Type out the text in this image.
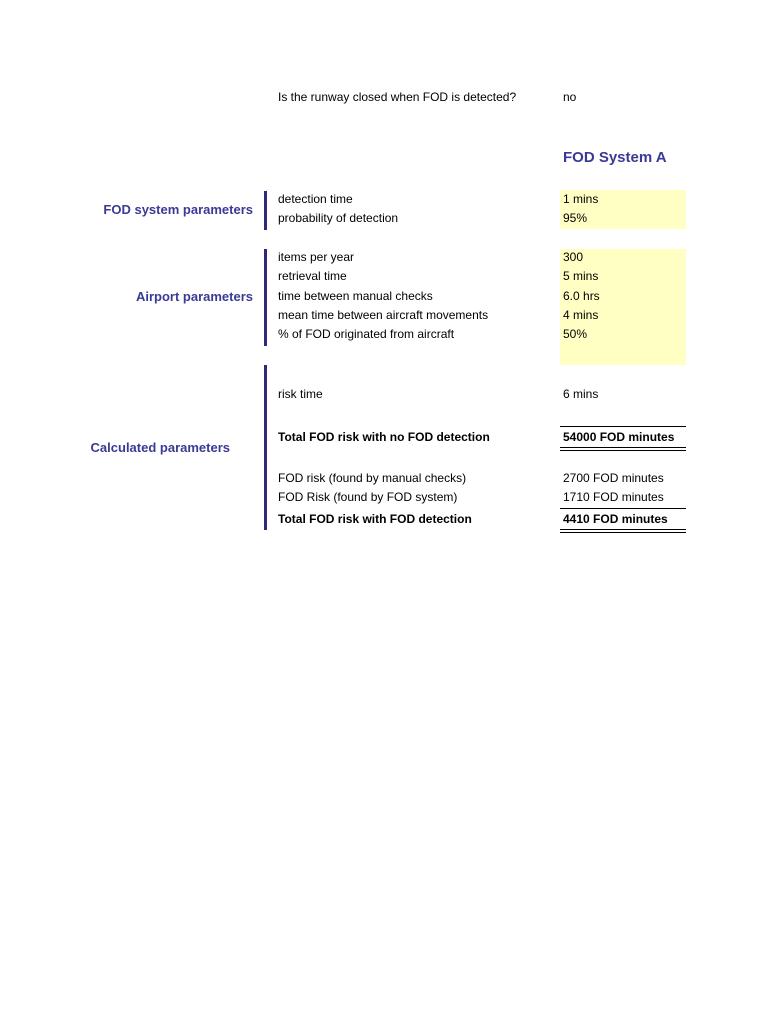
Is the runway closed when FOD is detected?	no
FOD System A
FOD system parameters
detection time	1 mins
probability of detection	95%
Airport parameters
items per year	300
retrieval time	5 mins
time between manual checks	6.0 hrs
mean time between aircraft movements	4 mins
% of FOD originated from aircraft	50%
Calculated parameters
risk time	6 mins
Total FOD risk with no FOD detection	54000 FOD minutes
FOD risk (found by manual checks)	2700 FOD minutes
FOD Risk (found by FOD system)	1710 FOD minutes
Total FOD risk with FOD detection	4410 FOD minutes
